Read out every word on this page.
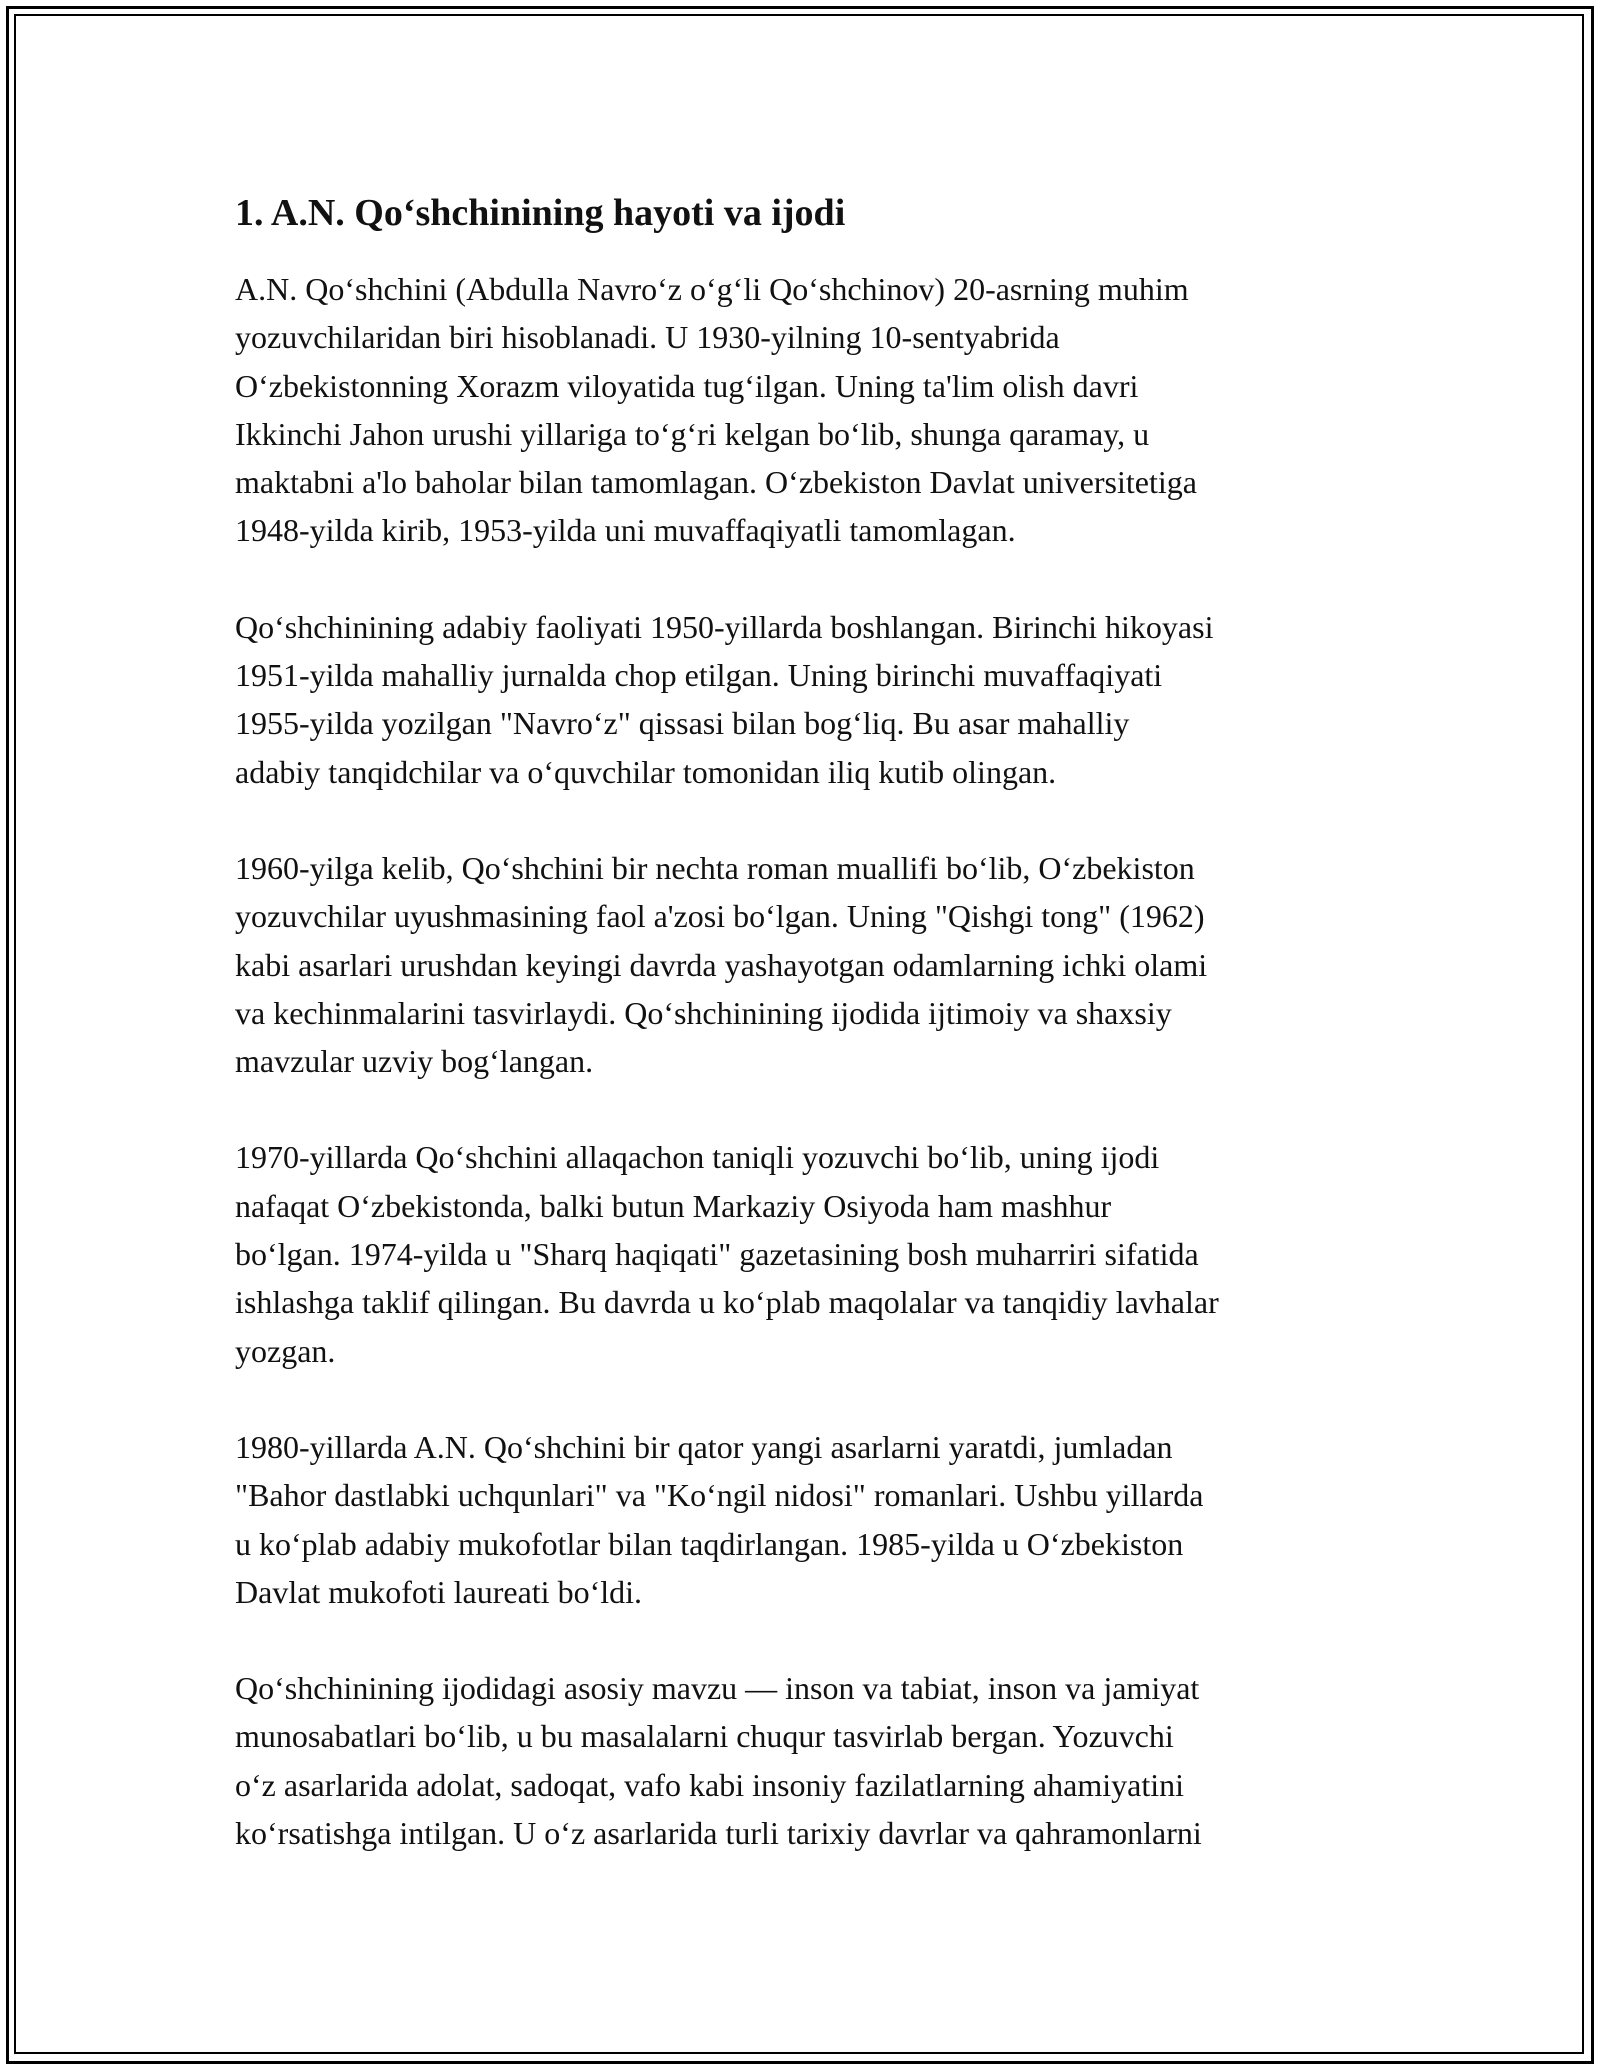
1. A.N. Qoʻshchinining hayoti va ijodi

A.N. Qoʻshchini (Abdulla Navroʻz oʻgʻli Qoʻshchinov) 20-asrning muhim
yozuvchilaridan biri hisoblanadi. U 1930-yilning 10-sentyabrida
Oʻzbekistonning Xorazm viloyatida tugʻilgan. Uning ta'lim olish davri
Ikkinchi Jahon urushi yillariga toʻgʻri kelgan boʻlib, shunga qaramay, u
maktabni a'lo baholar bilan tamomlagan. Oʻzbekiston Davlat universitetiga
1948-yilda kirib, 1953-yilda uni muvaffaqiyatli tamomlagan.

Qoʻshchinining adabiy faoliyati 1950-yillarda boshlangan. Birinchi hikoyasi
1951-yilda mahalliy jurnalda chop etilgan. Uning birinchi muvaffaqiyati
1955-yilda yozilgan "Navroʻz" qissasi bilan bogʻliq. Bu asar mahalliy
adabiy tanqidchilar va oʻquvchilar tomonidan iliq kutib olingan.

1960-yilga kelib, Qoʻshchini bir nechta roman muallifi boʻlib, Oʻzbekiston
yozuvchilar uyushmasining faol a'zosi boʻlgan. Uning "Qishgi tong" (1962)
kabi asarlari urushdan keyingi davrda yashayotgan odamlarning ichki olami
va kechinmalarini tasvirlaydi. Qoʻshchinining ijodida ijtimoiy va shaxsiy
mavzular uzviy bogʻlangan.

1970-yillarda Qoʻshchini allaqachon taniqli yozuvchi boʻlib, uning ijodi
nafaqat Oʻzbekistonda, balki butun Markaziy Osiyoda ham mashhur
boʻlgan. 1974-yilda u "Sharq haqiqati" gazetasining bosh muharriri sifatida
ishlashga taklif qilingan. Bu davrda u koʻplab maqolalar va tanqidiy lavhalar
yozgan.

1980-yillarda A.N. Qoʻshchini bir qator yangi asarlarni yaratdi, jumladan
"Bahor dastlabki uchqunlari" va "Koʻngil nidosi" romanlari. Ushbu yillarda
u koʻplab adabiy mukofotlar bilan taqdirlangan. 1985-yilda u Oʻzbekiston
Davlat mukofoti laureati boʻldi.

Qoʻshchinining ijodidagi asosiy mavzu — inson va tabiat, inson va jamiyat
munosabatlari boʻlib, u bu masalalarni chuqur tasvirlab bergan. Yozuvchi
oʻz asarlarida adolat, sadoqat, vafo kabi insoniy fazilatlarning ahamiyatini
koʻrsatishga intilgan. U oʻz asarlarida turli tarixiy davrlar va qahramonlarni
